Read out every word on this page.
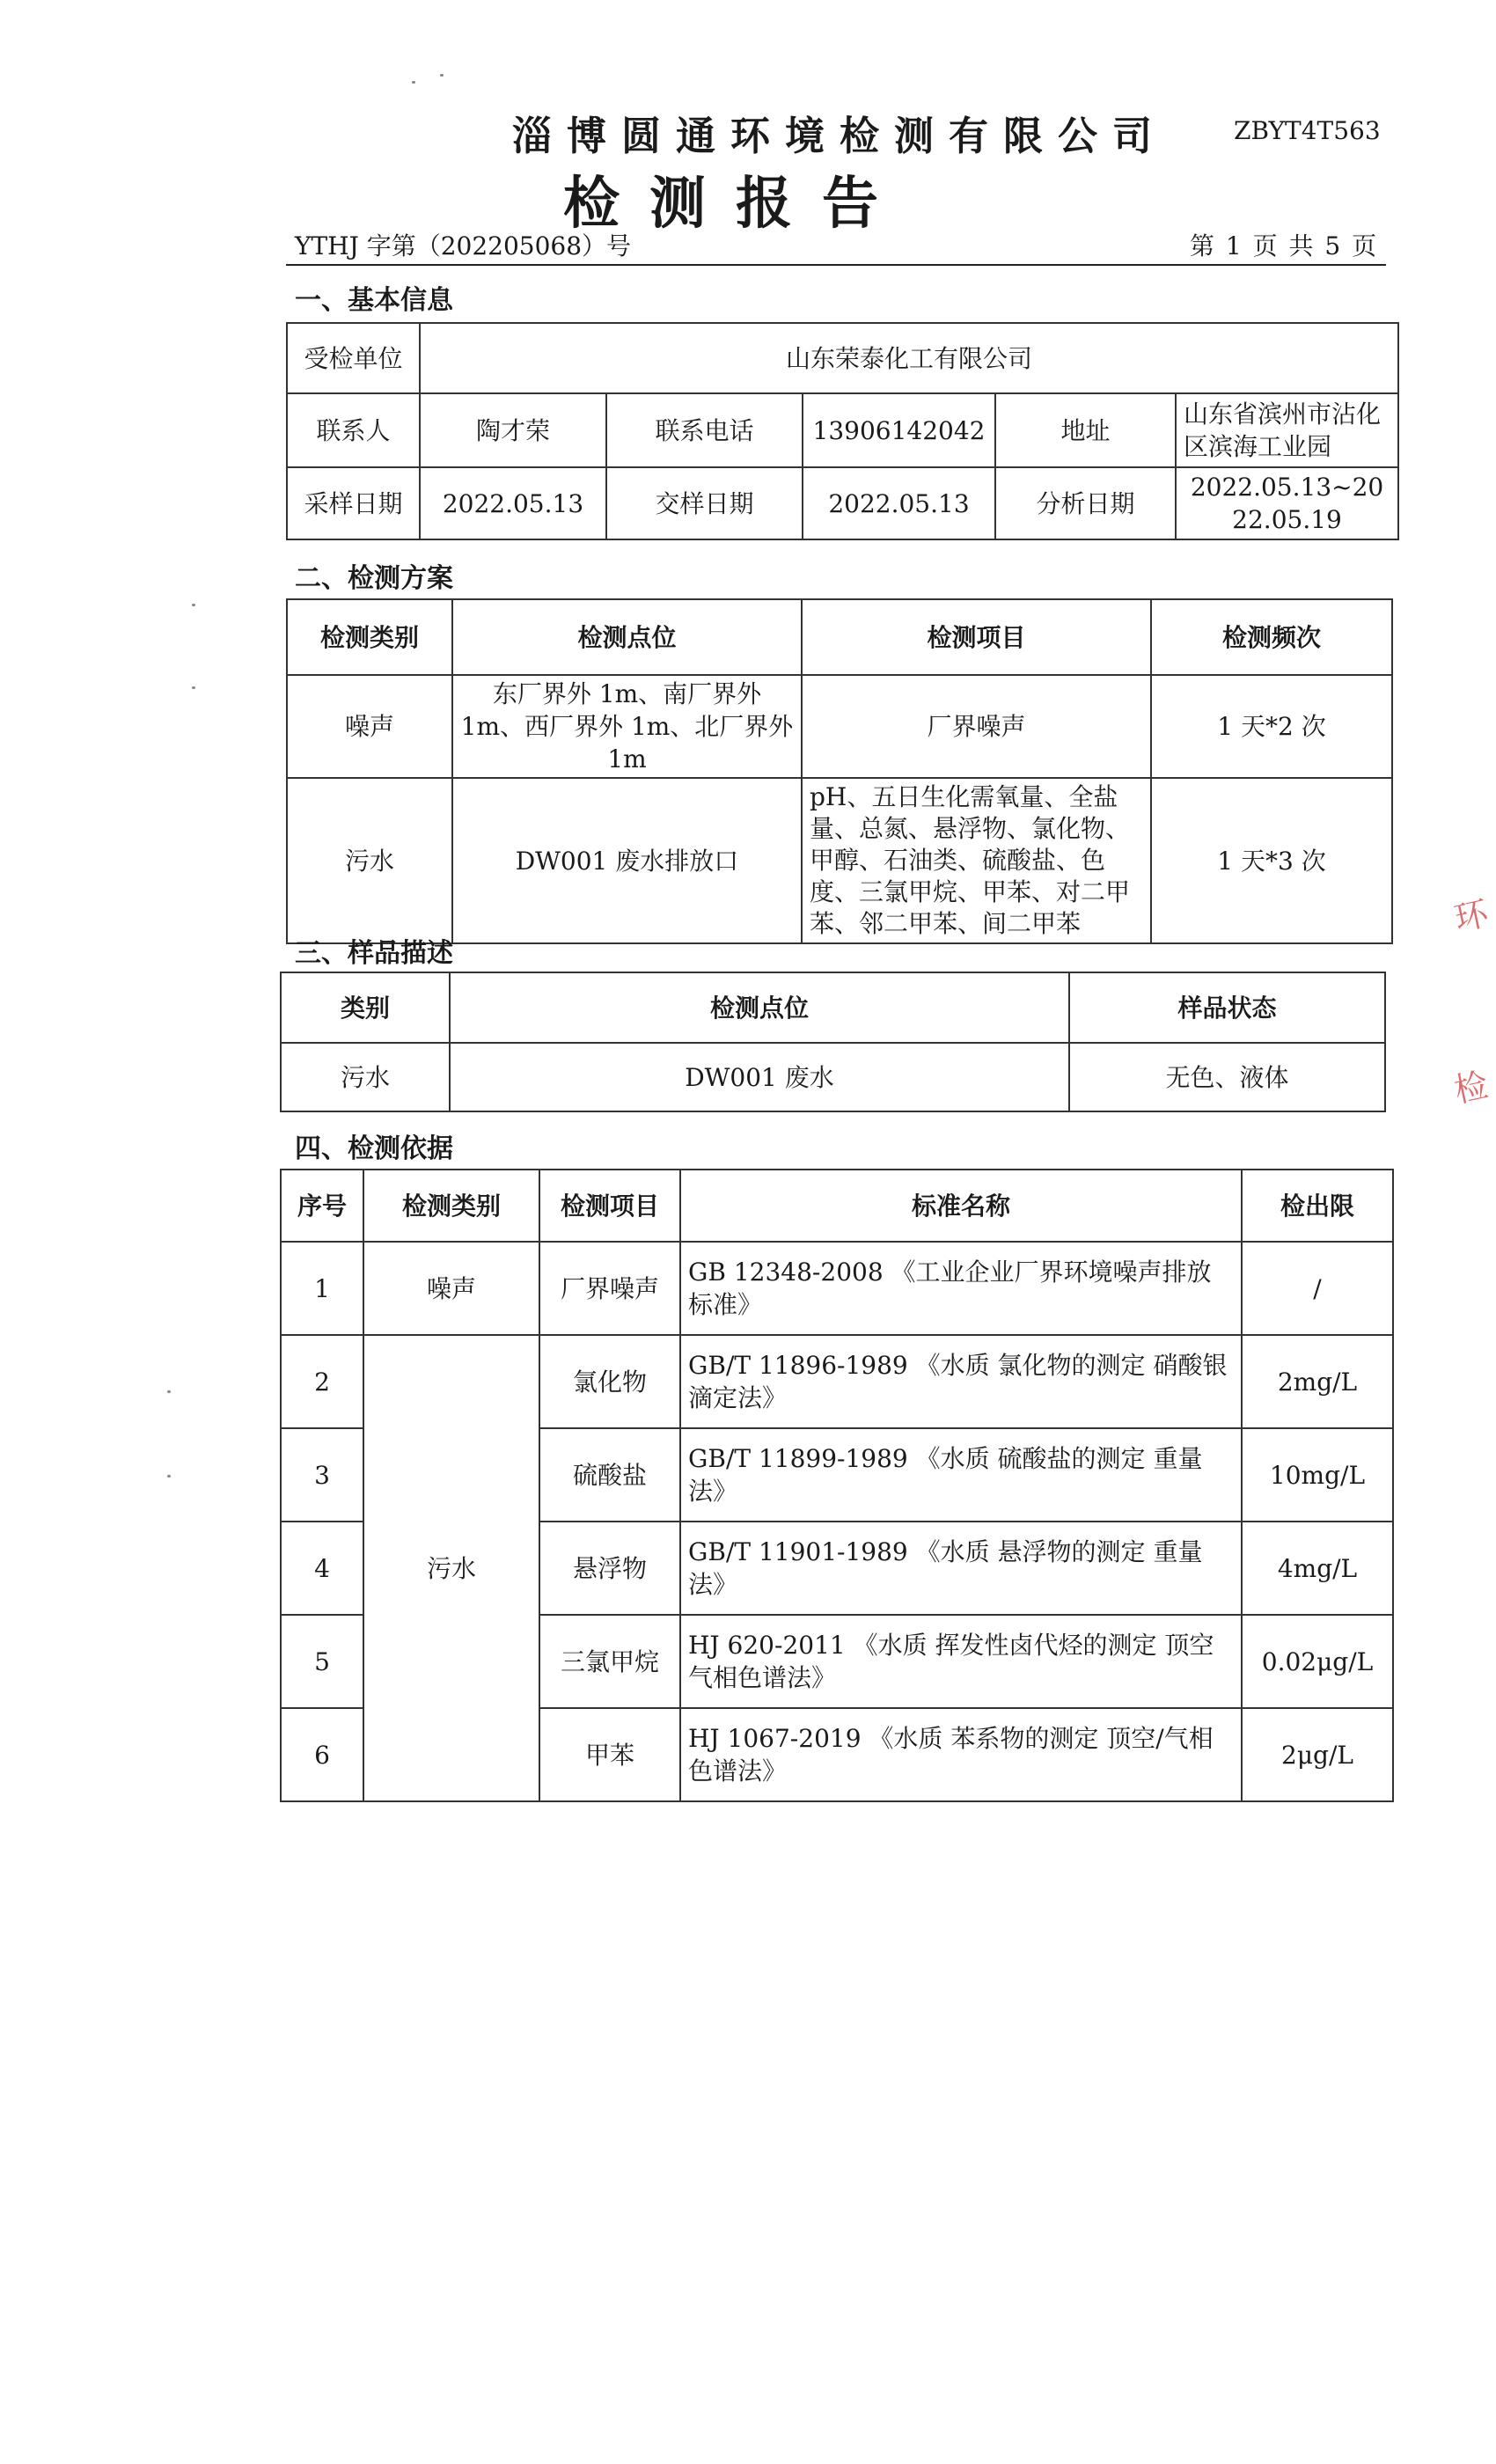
淄博圆通环境检测有限公司	ZBYT4T563
检测报告
YTHJ 字第（202205068）号	第 1 页 共 5 页
一、基本信息
受检单位	山东荣泰化工有限公司				
联系人	陶才荣	联系电话	13906142042	地址	山东省滨州市沾化区滨海工业园
采样日期	2022.05.13	交样日期	2022.05.13	分析日期	2022.05.13~2022.05.19
二、检测方案
检测类别	检测点位	检测项目	检测频次
噪声	东厂界外 1m、南厂界外 1m、西厂界外 1m、北厂界外 1m	厂界噪声	1 天*2 次
污水	DW001 废水排放口	pH、五日生化需氧量、全盐量、总氮、悬浮物、氯化物、甲醇、石油类、硫酸盐、色度、三氯甲烷、甲苯、对二甲苯、邻二甲苯、间二甲苯	1 天*3 次
三、样品描述
类别	检测点位	样品状态
污水	DW001 废水	无色、液体
四、检测依据
序号	检测类别	检测项目	标准名称	检出限
1	噪声	厂界噪声	GB 12348-2008 《工业企业厂界环境噪声排放标准》	/
2	污水	氯化物	GB/T 11896-1989 《水质 氯化物的测定 硝酸银滴定法》	2mg/L
3		硫酸盐	GB/T 11899-1989 《水质 硫酸盐的测定 重量法》	10mg/L
4		悬浮物	GB/T 11901-1989 《水质 悬浮物的测定 重量法》	4mg/L
5		三氯甲烷	HJ 620-2011 《水质 挥发性卤代烃的测定 顶空气相色谱法》	0.02μg/L
6		甲苯	HJ 1067-2019 《水质 苯系物的测定 顶空/气相色谱法》	2μg/L
环
检
